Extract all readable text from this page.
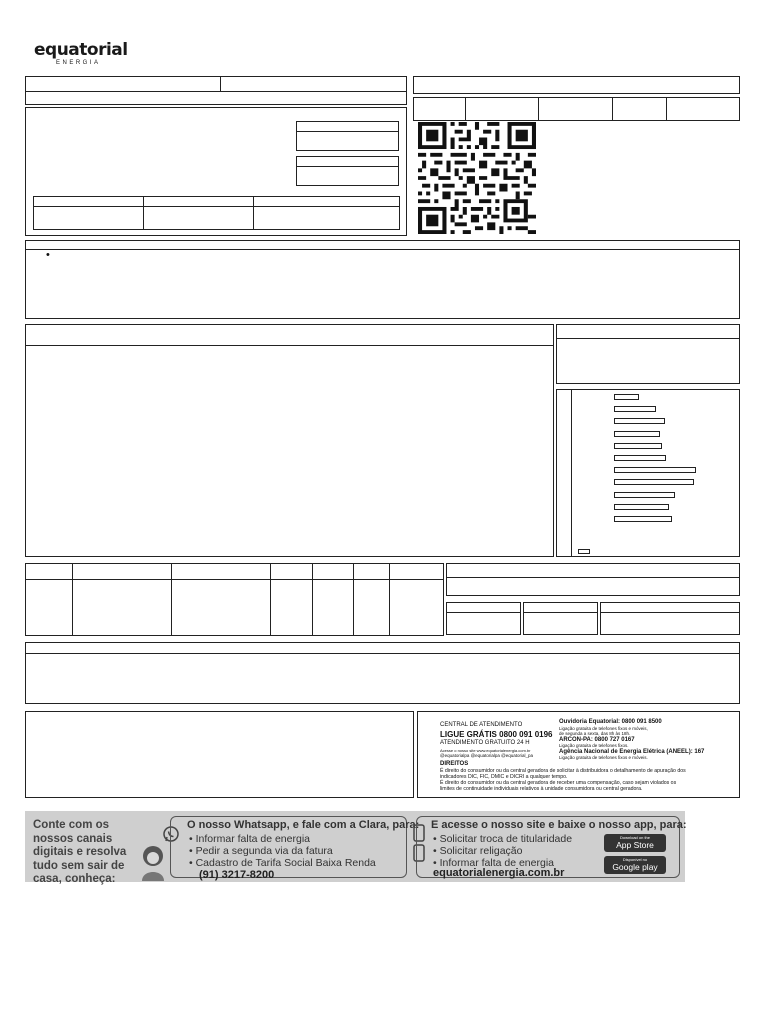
equatorial
ENERGIA
•
CENTRAL DE ATENDIMENTO
LIGUE GRÁTIS 0800 091 0196
ATENDIMENTO GRATUITO 24 H
Acesse o nosso site www.equatorialenergia.com.br
@equatorialpa @equatorialpa @equatorial_pa
Ouvidoria Equatorial: 0800 091 8500
Ligação gratuita de telefones fixos e móveis,
de segunda a sexta, das 8h às 18h.
ARCON-PA: 0800 727 0167
Ligação gratuita de telefones fixos.
Agência Nacional de Energia Elétrica (ANEEL): 167
Ligação gratuita de telefones fixos e móveis.
DIREITOS
É direito do consumidor ou da central geradora de solicitar à distribuidora o detalhamento de apuração dos
indicadores DIC, FIC, DMIC e DICRI a qualquer tempo.
É direito do consumidor ou da central geradora de receber uma compensação, caso sejam violados os
limites de continuidade individuais relativos à unidade consumidora ou central geradora.
Conte com os nossos canais digitais e resolva tudo sem sair de casa, conheça:
O nosso Whatsapp, e fale com a Clara, para:
• Informar falta de energia
• Pedir a segunda via da fatura
• Cadastro de Tarifa Social Baixa Renda
(91) 3217-8200
E acesse o nosso site e baixe o nosso app, para:
• Solicitar troca de titularidade
• Solicitar religação
• Informar falta de energia
equatorialenergia.com.br
Download on the
App Store
Disponível no
Google play
